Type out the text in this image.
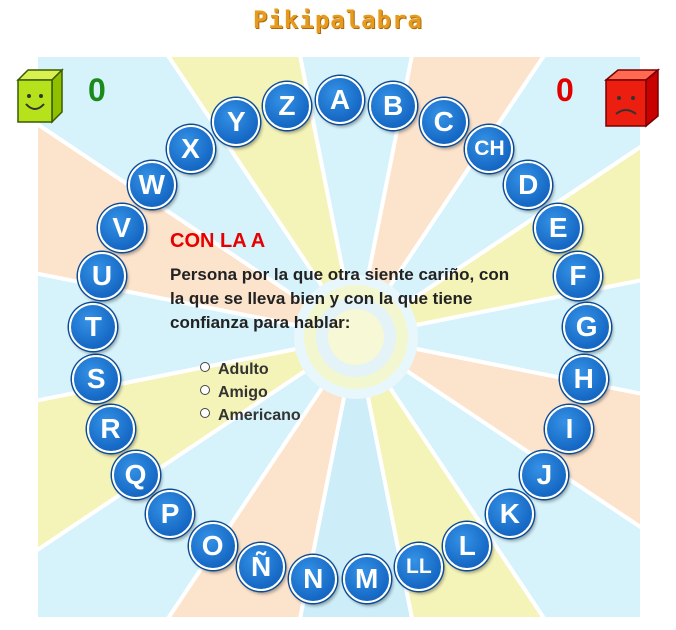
Pikipalabra
0	0
A	B
C
CH
D
E
F
G
H
I
J
K
L
LL
M
N
Ñ
O
P
Q
R
S
T
U
V
W
X
Y
Z
CON LA A
Persona por la que otra siente cariño, con
la que se lleva bien y con la que tiene
confianza para hablar:
Adulto
Amigo
Americano
